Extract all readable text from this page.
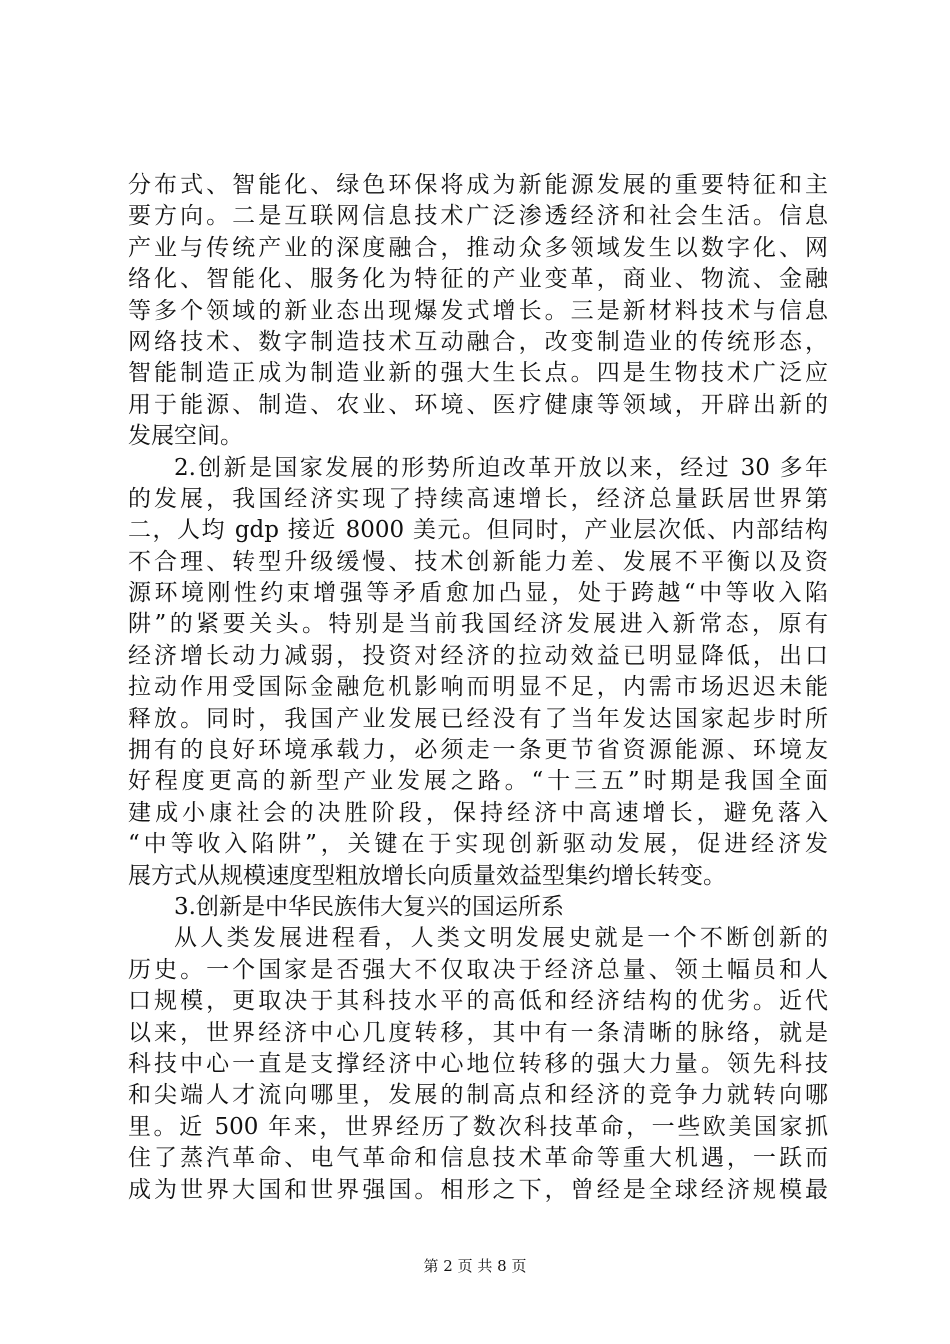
分布式、智能化、绿色环保将成为新能源发展的重要特征和主
要方向。二是互联网信息技术广泛渗透经济和社会生活。信息
产业与传统产业的深度融合，推动众多领域发生以数字化、网
络化、智能化、服务化为特征的产业变革，商业、物流、金融
等多个领域的新业态出现爆发式增长。三是新材料技术与信息
网络技术、数字制造技术互动融合，改变制造业的传统形态，
智能制造正成为制造业新的强大生长点。四是生物技术广泛应
用于能源、制造、农业、环境、医疗健康等领域，开辟出新的
发展空间。
2.创新是国家发展的形势所迫改革开放以来，经过 30 多年
的发展，我国经济实现了持续高速增长，经济总量跃居世界第
二，人均 gdp 接近 8000 美元。但同时，产业层次低、内部结构
不合理、转型升级缓慢、技术创新能力差、发展不平衡以及资
源环境刚性约束增强等矛盾愈加凸显，处于跨越“中等收入陷
阱”的紧要关头。特别是当前我国经济发展进入新常态，原有
经济增长动力减弱，投资对经济的拉动效益已明显降低，出口
拉动作用受国际金融危机影响而明显不足，内需市场迟迟未能
释放。同时，我国产业发展已经没有了当年发达国家起步时所
拥有的良好环境承载力，必须走一条更节省资源能源、环境友
好程度更高的新型产业发展之路。“十三五”时期是我国全面
建成小康社会的决胜阶段，保持经济中高速增长，避免落入
“中等收入陷阱”，关键在于实现创新驱动发展，促进经济发
展方式从规模速度型粗放增长向质量效益型集约增长转变。
3.创新是中华民族伟大复兴的国运所系
从人类发展进程看，人类文明发展史就是一个不断创新的
历史。一个国家是否强大不仅取决于经济总量、领土幅员和人
口规模，更取决于其科技水平的高低和经济结构的优劣。近代
以来，世界经济中心几度转移，其中有一条清晰的脉络，就是
科技中心一直是支撑经济中心地位转移的强大力量。领先科技
和尖端人才流向哪里，发展的制高点和经济的竞争力就转向哪
里。近 500 年来，世界经历了数次科技革命，一些欧美国家抓
住了蒸汽革命、电气革命和信息技术革命等重大机遇，一跃而
成为世界大国和世界强国。相形之下，曾经是全球经济规模最
第 2 页 共 8 页
